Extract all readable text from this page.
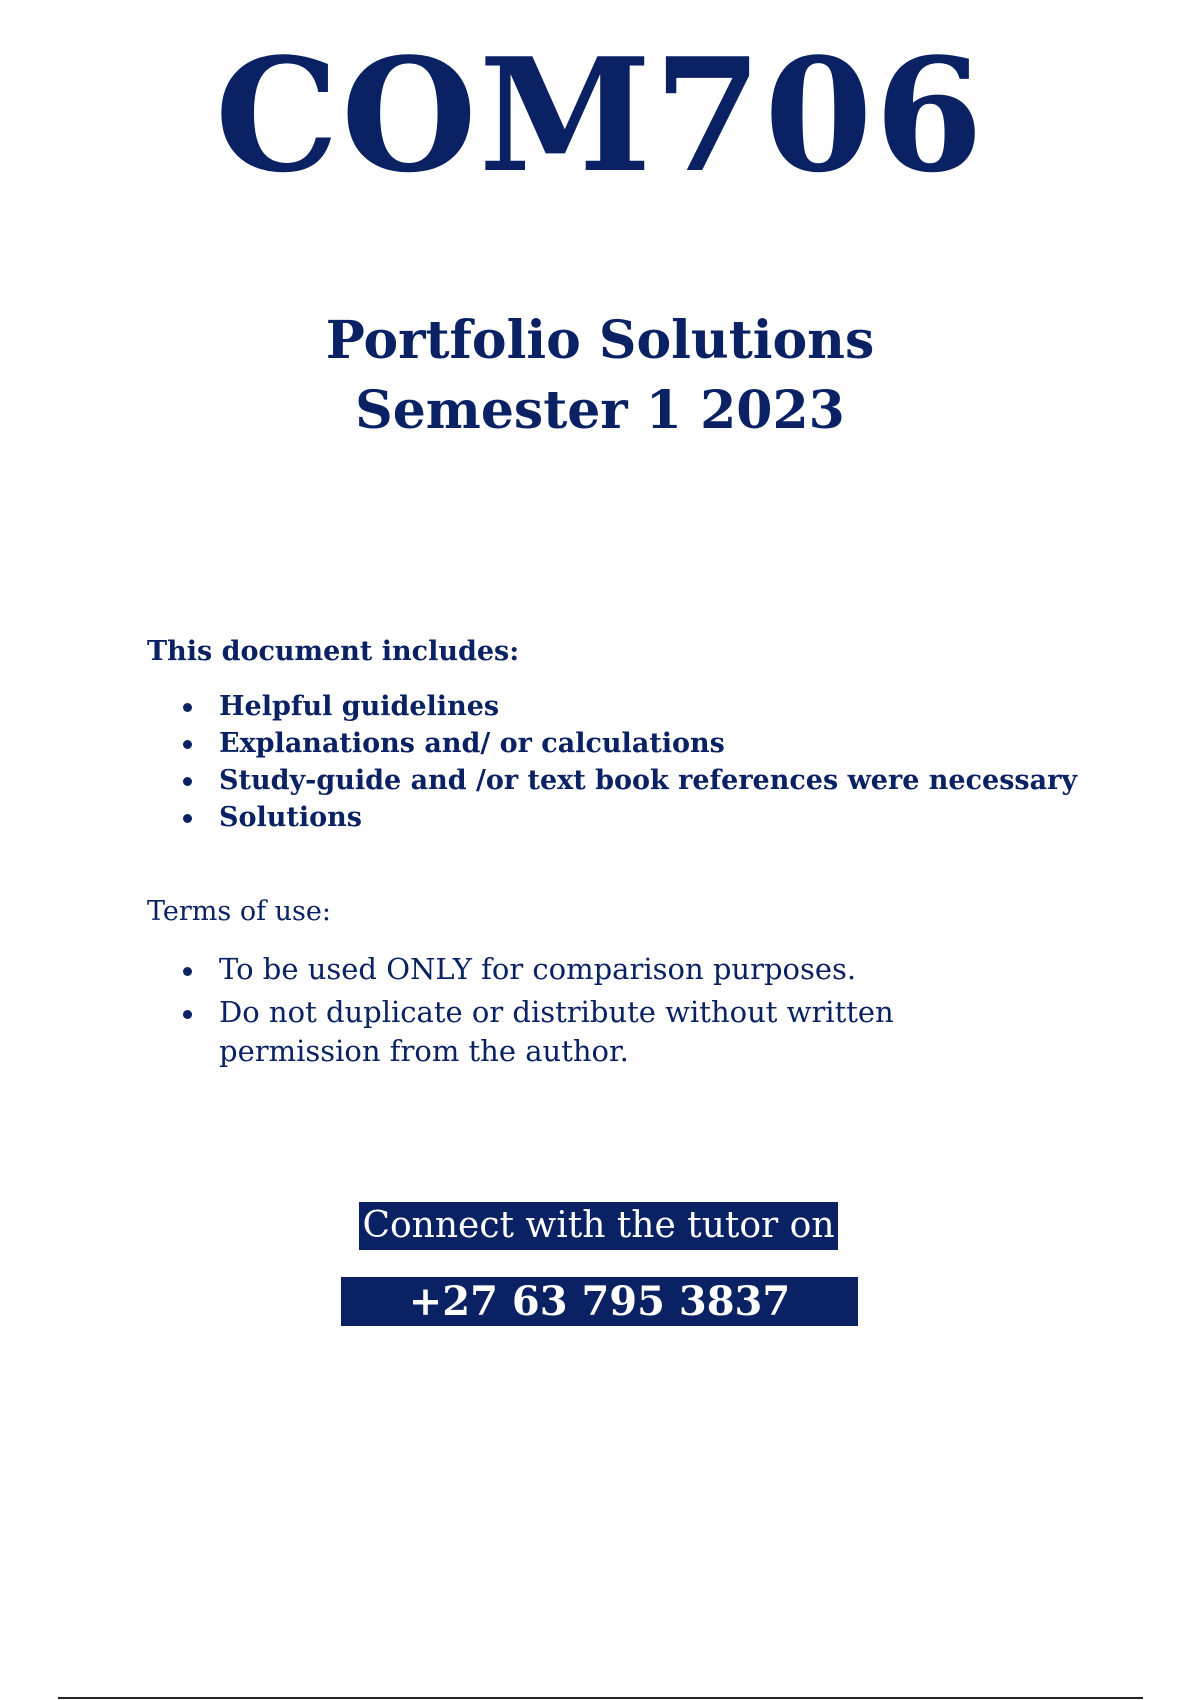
COM706
Portfolio Solutions
Semester 1 2023
This document includes:
Helpful guidelines
Explanations and/ or calculations
Study-guide and /or text book references were necessary
Solutions
Terms of use:
To be used ONLY for comparison purposes.
Do not duplicate or distribute without written permission from the author.
Connect with the tutor on
+27 63 795 3837
